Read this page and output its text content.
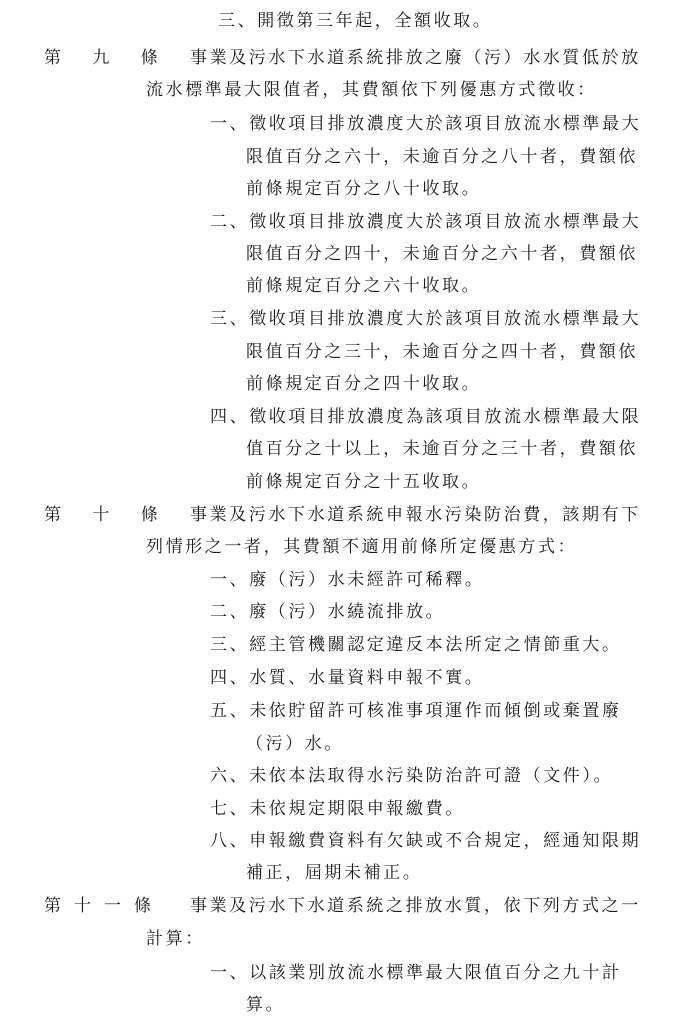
三、開徵第三年起，全額收取。
第 九 條 事業及污水下水道系統排放之廢（污）水水質低於放
流水標準最大限值者，其費額依下列優惠方式徵收：
一、徵收項目排放濃度大於該項目放流水標準最大
限值百分之六十，未逾百分之八十者，費額依
前條規定百分之八十收取。
二、徵收項目排放濃度大於該項目放流水標準最大
限值百分之四十，未逾百分之六十者，費額依
前條規定百分之六十收取。
三、徵收項目排放濃度大於該項目放流水標準最大
限值百分之三十，未逾百分之四十者，費額依
前條規定百分之四十收取。
四、徵收項目排放濃度為該項目放流水標準最大限
值百分之十以上，未逾百分之三十者，費額依
前條規定百分之十五收取。
第 十 條 事業及污水下水道系統申報水污染防治費，該期有下
列情形之一者，其費額不適用前條所定優惠方式：
一、廢（污）水未經許可稀釋。
二、廢（污）水繞流排放。
三、經主管機關認定違反本法所定之情節重大。
四、水質、水量資料申報不實。
五、未依貯留許可核准事項運作而傾倒或棄置廢
（污）水。
六、未依本法取得水污染防治許可證（文件）。
七、未依規定期限申報繳費。
八、申報繳費資料有欠缺或不合規定，經通知限期
補正，屆期未補正。
第十一條 事業及污水下水道系統之排放水質，依下列方式之一
計算：
一、以該業別放流水標準最大限值百分之九十計
算。
